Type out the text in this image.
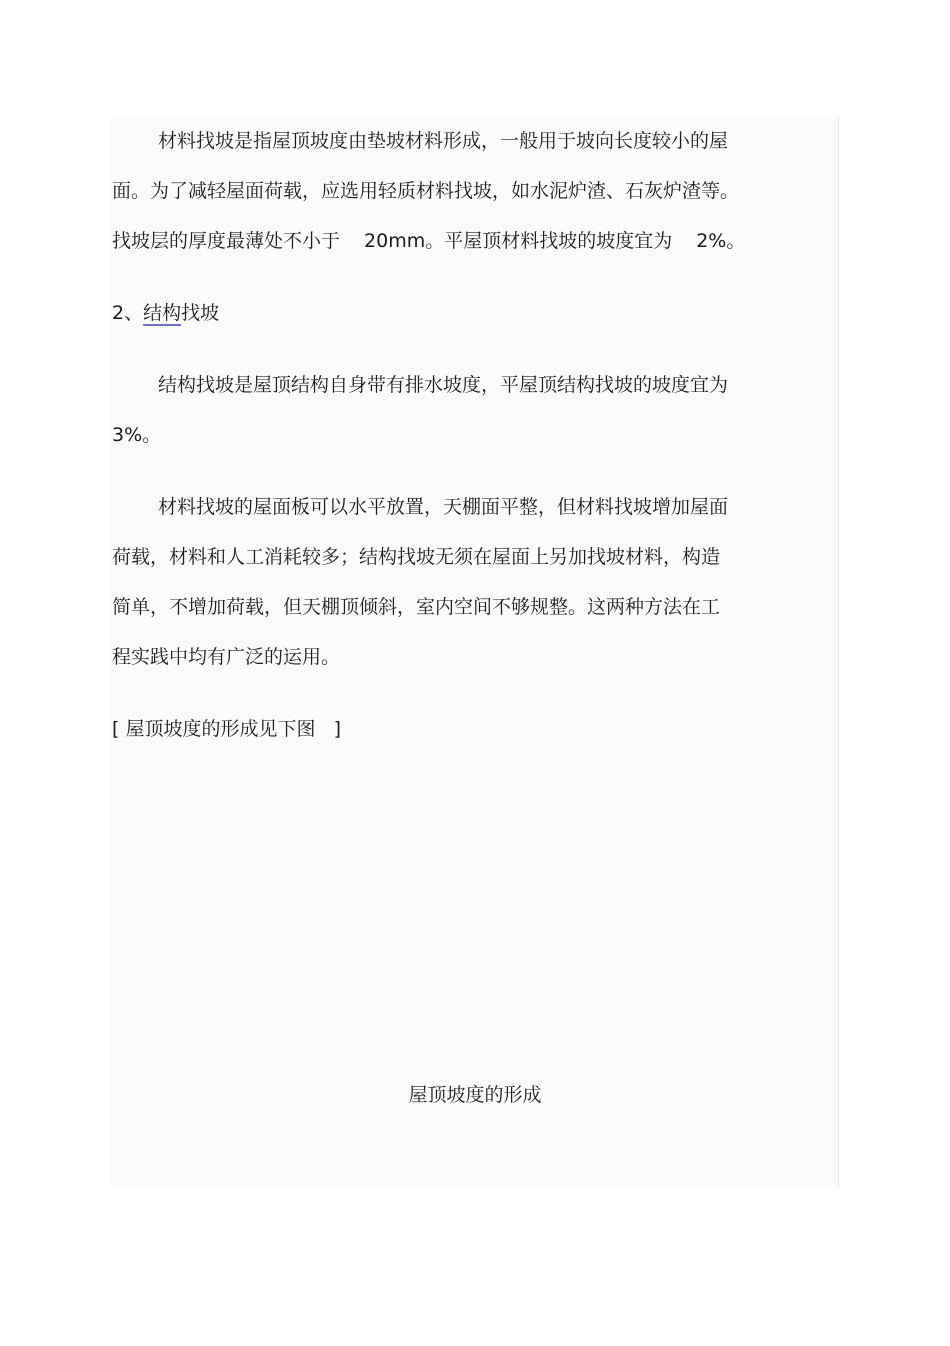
材料找坡是指屋顶坡度由垫坡材料形成，一般用于坡向长度较小的屋
面。为了减轻屋面荷载，应选用轻质材料找坡，如水泥炉渣、石灰炉渣等。
找坡层的厚度最薄处不小于 20mm。平屋顶材料找坡的坡度宜为 2%。
2、结构找坡
结构找坡是屋顶结构自身带有排水坡度，平屋顶结构找坡的坡度宜为
3%。
材料找坡的屋面板可以水平放置，天棚面平整，但材料找坡增加屋面
荷载，材料和人工消耗较多；结构找坡无须在屋面上另加找坡材料，构造
简单，不增加荷载，但天棚顶倾斜，室内空间不够规整。这两种方法在工
程实践中均有广泛的运用。
[ 屋顶坡度的形成见下图   ]
屋顶坡度的形成
